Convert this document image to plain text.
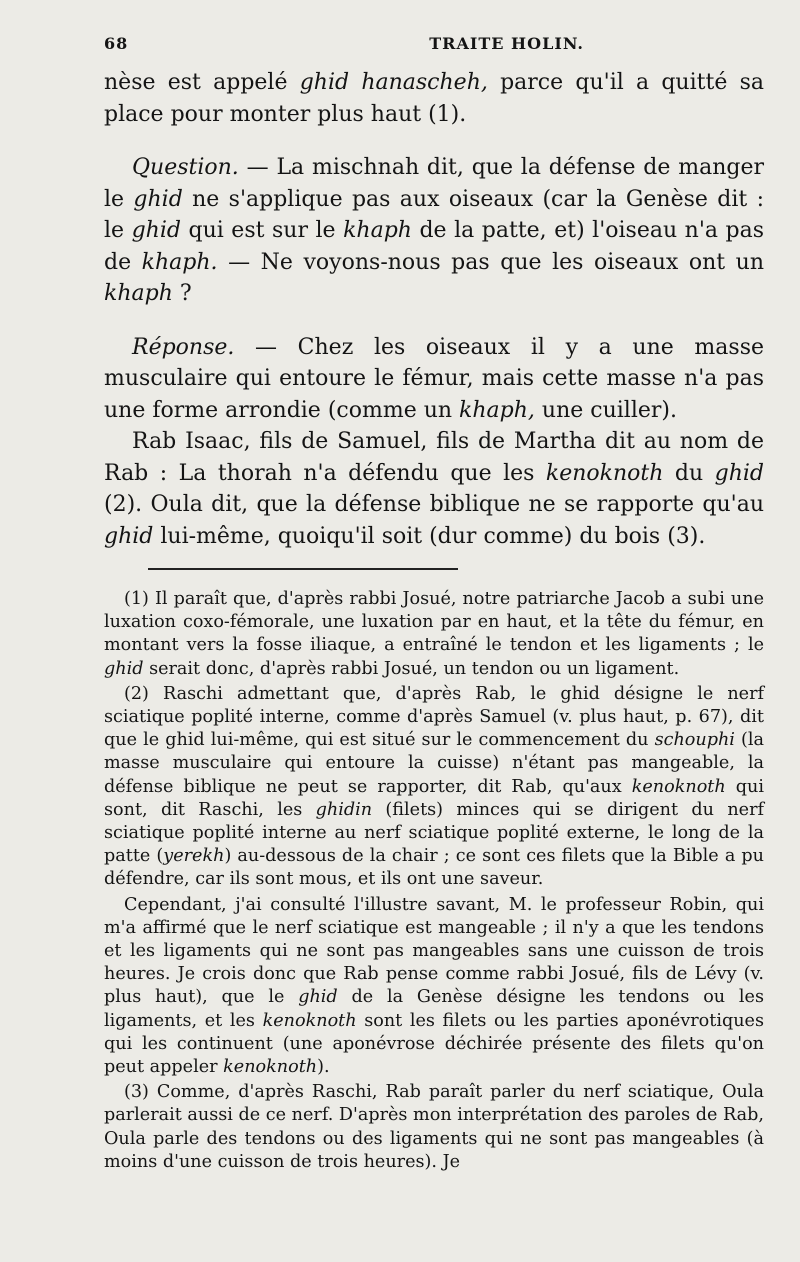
68	TRAITE HOLIN.

nèse est appelé ghid hanascheh, parce qu'il a quitté sa place pour monter plus haut (1).

Question. — La mischnah dit, que la défense de manger le ghid ne s'applique pas aux oiseaux (car la Genèse dit : le ghid qui est sur le khaph de la patte, et) l'oiseau n'a pas de khaph. — Ne voyons-nous pas que les oiseaux ont un khaph ?

Réponse. — Chez les oiseaux il y a une masse musculaire qui entoure le fémur, mais cette masse n'a pas une forme arrondie (comme un khaph, une cuiller).

Rab Isaac, fils de Samuel, fils de Martha dit au nom de Rab : La thorah n'a défendu que les kenoknoth du ghid (2). Oula dit, que la défense biblique ne se rapporte qu'au ghid lui-même, quoiqu'il soit (dur comme) du bois (3).

(1) Il paraît que, d'après rabbi Josué, notre patriarche Jacob a subi une luxation coxo-fémorale, une luxation par en haut, et la tête du fémur, en montant vers la fosse iliaque, a entraîné le tendon et les ligaments ; le ghid serait donc, d'après rabbi Josué, un tendon ou un ligament.

(2) Raschi admettant que, d'après Rab, le ghid désigne le nerf sciatique poplité interne, comme d'après Samuel (v. plus haut, p. 67), dit que le ghid lui-même, qui est situé sur le commencement du schouphi (la masse musculaire qui entoure la cuisse) n'étant pas mangeable, la défense biblique ne peut se rapporter, dit Rab, qu'aux kenoknoth qui sont, dit Raschi, les ghidin (filets) minces qui se dirigent du nerf sciatique poplité interne au nerf sciatique poplité externe, le long de la patte (yerekh) au-dessous de la chair ; ce sont ces filets que la Bible a pu défendre, car ils sont mous, et ils ont une saveur.

Cependant, j'ai consulté l'illustre savant, M. le professeur Robin, qui m'a affirmé que le nerf sciatique est mangeable ; il n'y a que les tendons et les ligaments qui ne sont pas mangeables sans une cuisson de trois heures. Je crois donc que Rab pense comme rabbi Josué, fils de Lévy (v. plus haut), que le ghid de la Genèse désigne les tendons ou les ligaments, et les kenoknoth sont les filets ou les parties aponévrotiques qui les continuent (une aponévrose déchirée présente des filets qu'on peut appeler kenoknoth).

(3) Comme, d'après Raschi, Rab paraît parler du nerf sciatique, Oula parlerait aussi de ce nerf. D'après mon interprétation des paroles de Rab, Oula parle des tendons ou des ligaments qui ne sont pas mangeables (à moins d'une cuisson de trois heures). Je
